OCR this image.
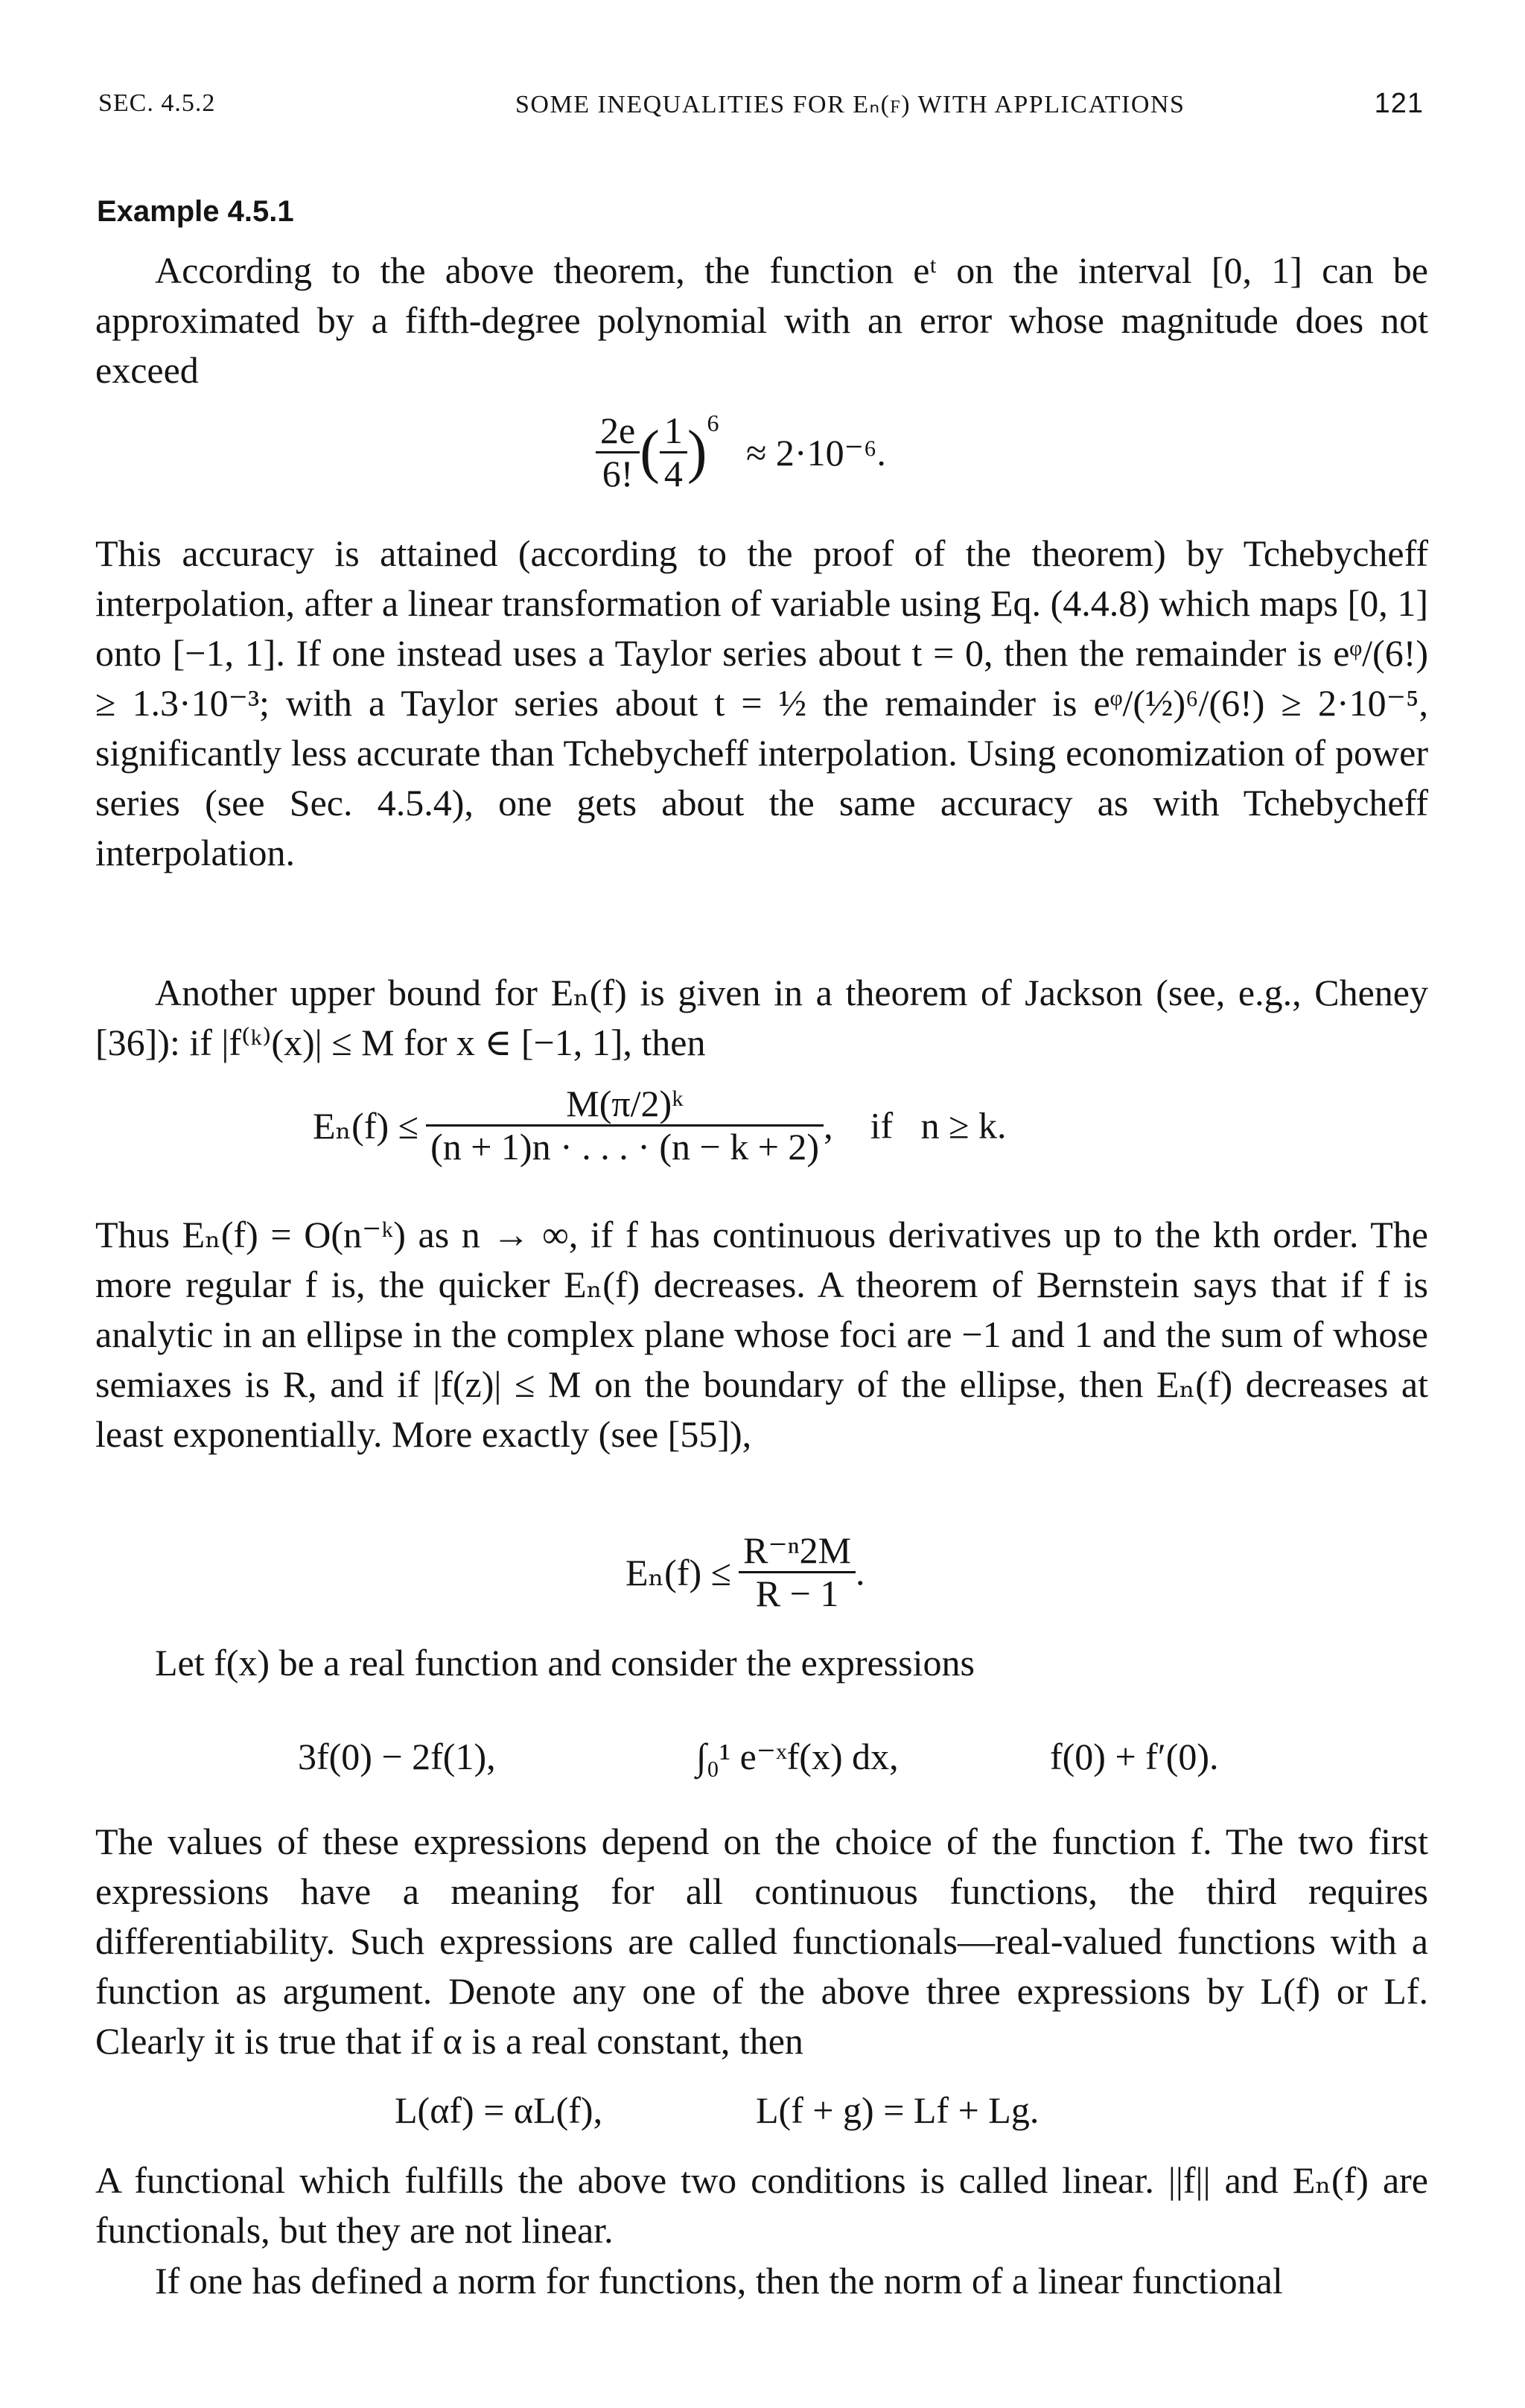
SEC. 4.5.2	SOME INEQUALITIES FOR Eₙ(f) WITH APPLICATIONS	121
Example 4.5.1

According to the above theorem, the function eᵗ on the interval [0, 1] can be approximated by a fifth-degree polynomial with an error whose magnitude does not exceed

$\frac{2e}{6!}$ ( $\frac{1}{4} )^6 \approx 2\cdot 10^{-6}$.

This accuracy is attained (according to the proof of the theorem) by Tchebycheff interpolation, after a linear transformation of variable using Eq. (4.4.8) which maps [0, 1] onto [−1, 1]. If one instead uses a Taylor series about t = 0, then the remainder is eᵠ/(6!) ≥ 1.3·10⁻³; with a Taylor series about t = ½ the remainder is eᵠ/(½)⁶/(6!) ≥ 2·10⁻⁵, significantly less accurate than Tchebycheff interpolation. Using economization of power series (see Sec. 4.5.4), one gets about the same accuracy as with Tchebycheff interpolation.

Another upper bound for Eₙ(f) is given in a theorem of Jackson (see, e.g., Cheney [36]): if |f⁽ᵏ⁾(x)| ≤ M for x ∈ [−1, 1], then

$E_n(f) \le \frac{\text{M(π/2)ᵏ}}{(n + 1)n \cdot . . . \cdot (n - k + 2)}$ ,    if   n ≥ k.

Thus Eₙ(f) = O(n⁻ᵏ) as n → ∞, if f has continuous derivatives up to the kth order. The more regular f is, the quicker Eₙ(f) decreases. A theorem of Bernstein says that if f is analytic in an ellipse in the complex plane whose foci are −1 and 1 and the sum of whose semiaxes is R, and if |f(z)| ≤ M on the boundary of the ellipse, then Eₙ(f) decreases at least exponentially. More exactly (see [55]),

$E_n(f) \le \frac{\text{R⁻ⁿ2M}}{R - 1}$ .

Let f(x) be a real function and consider the expressions

3f(0) − 2f(1),	∫₀¹ e⁻ˣf(x) dx,	f(0) + f′(0).

The values of these expressions depend on the choice of the function f. The two first expressions have a meaning for all continuous functions, the third requires differentiability. Such expressions are called functionals—real-valued functions with a function as argument. Denote any one of the above three expressions by L(f) or Lf. Clearly it is true that if α is a real constant, then

L(αf) = αL(f),	L(f + g) = Lf + Lg.

A functional which fulfills the above two conditions is called linear. ||f|| and Eₙ(f) are functionals, but they are not linear.

If one has defined a norm for functions, then the norm of a linear functional
